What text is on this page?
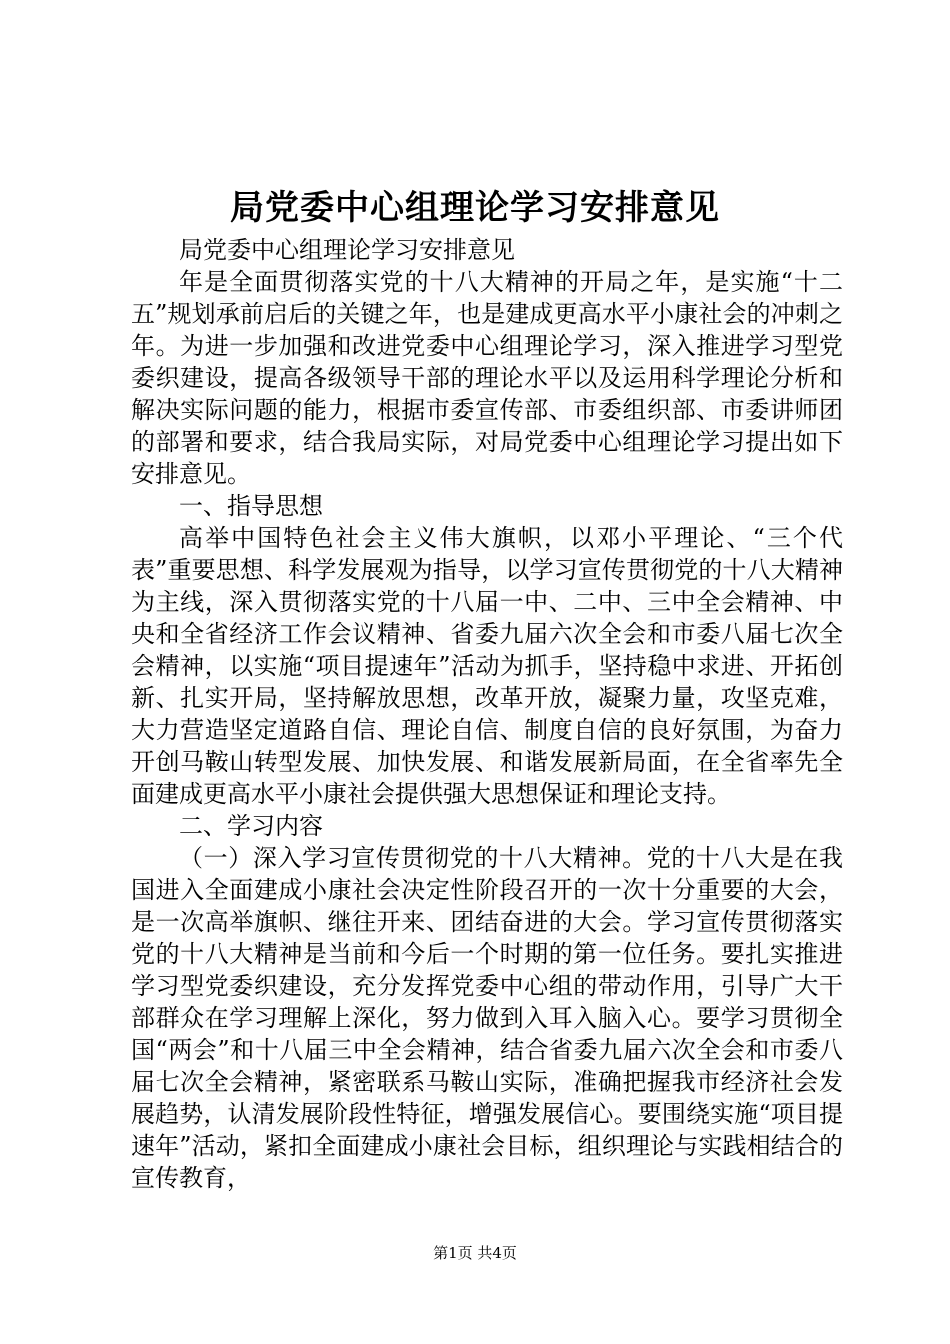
局党委中心组理论学习安排意见

局党委中心组理论学习安排意见

年是全面贯彻落实党的十八大精神的开局之年，是实施“十二五”规划承前启后的关键之年，也是建成更高水平小康社会的冲刺之年。为进一步加强和改进党委中心组理论学习，深入推进学习型党委织建设，提高各级领导干部的理论水平以及运用科学理论分析和解决实际问题的能力，根据市委宣传部、市委组织部、市委讲师团的部署和要求，结合我局实际，对局党委中心组理论学习提出如下安排意见。

一、指导思想

高举中国特色社会主义伟大旗帜，以邓小平理论、“三个代表”重要思想、科学发展观为指导，以学习宣传贯彻党的十八大精神为主线，深入贯彻落实党的十八届一中、二中、三中全会精神、中央和全省经济工作会议精神、省委九届六次全会和市委八届七次全会精神，以实施“项目提速年”活动为抓手，坚持稳中求进、开拓创新、扎实开局，坚持解放思想，改革开放，凝聚力量，攻坚克难，大力营造坚定道路自信、理论自信、制度自信的良好氛围，为奋力开创马鞍山转型发展、加快发展、和谐发展新局面，在全省率先全面建成更高水平小康社会提供强大思想保证和理论支持。

二、学习内容

（一）深入学习宣传贯彻党的十八大精神。党的十八大是在我国进入全面建成小康社会决定性阶段召开的一次十分重要的大会，是一次高举旗帜、继往开来、团结奋进的大会。学习宣传贯彻落实党的十八大精神是当前和今后一个时期的第一位任务。要扎实推进学习型党委织建设，充分发挥党委中心组的带动作用，引导广大干部群众在学习理解上深化，努力做到入耳入脑入心。要学习贯彻全国“两会”和十八届三中全会精神，结合省委九届六次全会和市委八届七次全会精神，紧密联系马鞍山实际，准确把握我市经济社会发展趋势，认清发展阶段性特征，增强发展信心。要围绕实施“项目提速年”活动，紧扣全面建成小康社会目标，组织理论与实践相结合的宣传教育，

第1页 共4页
